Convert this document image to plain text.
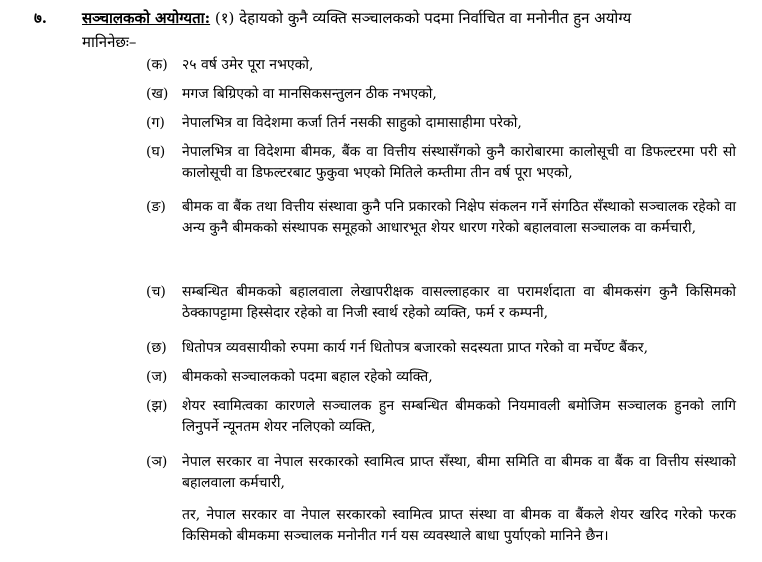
७. सञ्चालकको अयोग्यता: (१) देहायको कुनै व्यक्ति सञ्चालकको पदमा निर्वाचित वा मनोनीत हुन अयोग्य
मानिनेछः–
(क)	२५ वर्ष उमेर पूरा नभएको,

(ख) मगज बिग्रिएको वा मानसिकसन्तुलन ठीक नभएको,

(ग)	नेपालभित्र वा विदेशमा कर्जा तिर्न नसकी साहुको दामासाहीमा परेको,

(घ)	नेपालभित्र वा विदेशमा बीमक, बैंक वा वित्तीय संस्थासँगको कुनै कारोबारमा कालोसूची वा डिफल्टरमा परी सो कालोसूची वा डिफल्टरबाट फुकुवा भएको मितिले कम्तीमा तीन वर्ष पूरा भएको,

(ङ)	बीमक वा बैंक तथा वित्तीय संस्थावा कुनै पनि प्रकारको निक्षेप संकलन गर्ने संगठित सँस्थाको सञ्चालक रहेको वा अन्य कुनै बीमकको संस्थापक समूहको आधारभूत शेयर धारण गरेको बहालवाला सञ्चालक वा कर्मचारी,

(च)	सम्बन्धित बीमकको बहालवाला लेखापरीक्षक वासल्लाहकार वा परामर्शदाता वा बीमकसंग कुनै किसिमको ठेक्कापट्टामा हिस्सेदार रहेको वा निजी स्वार्थ रहेको व्यक्ति, फर्म र कम्पनी,

(छ)	धितोपत्र व्यवसायीको रुपमा कार्य गर्न धितोपत्र बजारको सदस्यता प्राप्त गरेको वा मर्चेण्ट बैंकर,

(ज)	बीमकको सञ्चालकको पदमा बहाल रहेको व्यक्ति,

(झ)	शेयर स्वामित्वका कारणले सञ्चालक हुन सम्बन्धित बीमकको नियमावली बमोजिम सञ्चालक हुनको लागि लिनुपर्ने न्यूनतम शेयर नलिएको व्यक्ति,

(ञ)	नेपाल सरकार वा नेपाल सरकारको स्वामित्व प्राप्त सँस्था, बीमा समिति वा बीमक वा बैंक वा वित्तीय संस्थाको बहालवाला कर्मचारी,

तर, नेपाल सरकार वा नेपाल सरकारको स्वामित्व प्राप्त संस्था वा बीमक वा बैंकले शेयर खरिद गरेको फरक किसिमको बीमकमा सञ्चालक मनोनीत गर्न यस व्यवस्थाले बाधा पुर्याएको मानिने छैन।
